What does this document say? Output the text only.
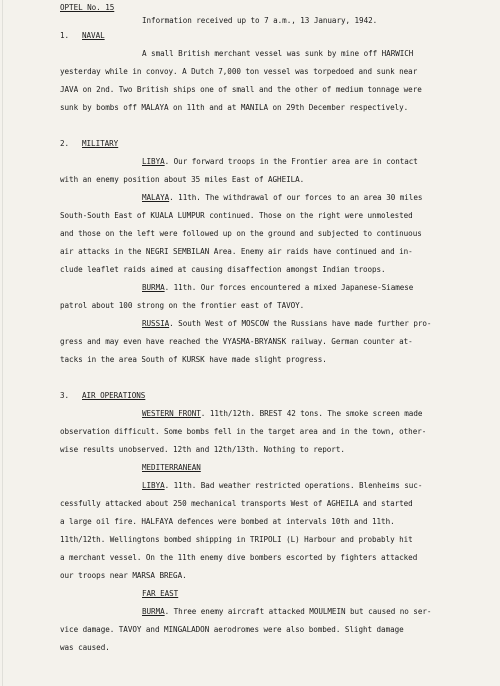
OPTEL No. 15
Information received up to 7 a.m., 13 January, 1942.
1. NAVAL
A small British merchant vessel was sunk by mine off HARWICH
yesterday while in convoy. A Dutch 7,000 ton vessel was torpedoed and sunk near
JAVA on 2nd. Two British ships one of small and the other of medium tonnage were
sunk by bombs off MALAYA on 11th and at MANILA on 29th December respectively.
2. MILITARY
LIBYA. Our forward troops in the Frontier area are in contact
with an enemy position about 35 miles East of AGHEILA.
MALAYA. 11th. The withdrawal of our forces to an area 30 miles
South-South East of KUALA LUMPUR continued. Those on the right were unmolested
and those on the left were followed up on the ground and subjected to continuous
air attacks in the NEGRI SEMBILAN Area. Enemy air raids have continued and in-
clude leaflet raids aimed at causing disaffection amongst Indian troops.
BURMA. 11th. Our forces encountered a mixed Japanese-Siamese
patrol about 100 strong on the frontier east of TAVOY.
RUSSIA. South West of MOSCOW the Russians have made further pro-
gress and may even have reached the VYASMA-BRYANSK railway. German counter at-
tacks in the area South of KURSK have made slight progress.
3. AIR OPERATIONS
WESTERN FRONT. 11th/12th. BREST 42 tons. The smoke screen made
observation difficult. Some bombs fell in the target area and in the town, other-
wise results unobserved. 12th and 12th/13th. Nothing to report.
MEDITERRANEAN
LIBYA. 11th. Bad weather restricted operations. Blenheims suc-
cessfully attacked about 250 mechanical transports West of AGHEILA and started
a large oil fire. HALFAYA defences were bombed at intervals 10th and 11th.
11th/12th. Wellingtons bombed shipping in TRIPOLI (L) Harbour and probably hit
a merchant vessel. On the 11th enemy dive bombers escorted by fighters attacked
our troops near MARSA BREGA.
FAR EAST
BURMA. Three enemy aircraft attacked MOULMEIN but caused no ser-
vice damage. TAVOY and MINGALADON aerodromes were also bombed. Slight damage
was caused.
